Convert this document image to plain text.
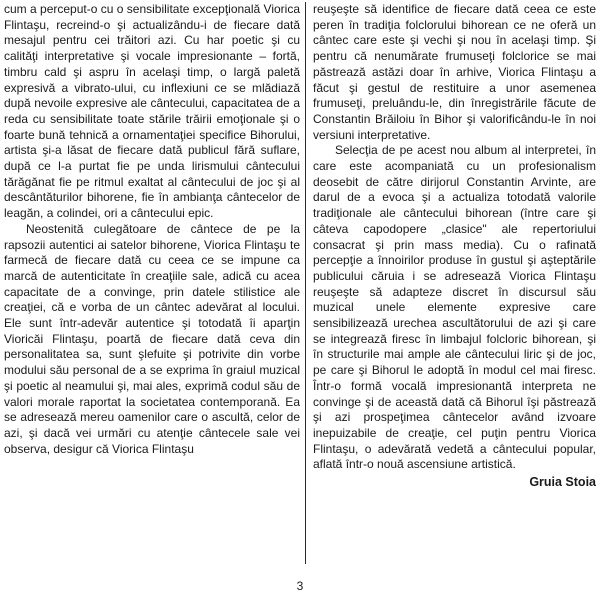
cum a perceput-o cu o sensibilitate excepţională Viorica Flintaşu, recreind-o şi actualizându-i de fiecare dată mesajul pentru cei trăitori azi. Cu har poetic şi cu calităţi interpretative şi vocale impresionante – fortă, timbru cald şi aspru în acelaşi timp, o largă paletă expresivă a vibrato-ului, cu inflexiuni ce se mlădiază după nevoile expresive ale cântecului, capacitatea de a reda cu sensibilitate toate stările trăirii emoţionale şi o foarte bună tehnică a ornamentaţiei specifice Bihorului, artista şi-a lăsat de fiecare dată publicul fără suflare, după ce l-a purtat fie pe unda lirismului cântecului tărăgănat fie pe ritmul exaltat al cântecului de joc şi al descântăturilor bihorene, fie în ambianţa cântecelor de leagăn, a colindei, ori a cântecului epic.

Neostenită culegătoare de cântece de pe la rapsozii autentici ai satelor bihorene, Viorica Flintaşu te farmecă de fiecare dată cu ceea ce se impune ca marcă de autenticitate în creaţiile sale, adică cu acea capacitate de a convinge, prin datele stilistice ale creaţiei, că e vorba de un cântec adevărat al locului. Ele sunt într-adevăr autentice şi totodată îi aparţin Vioricăi Flintaşu, poartă de fiecare dată ceva din personalitatea sa, sunt şlefuite şi potrivite din vorbe modului său personal de a se exprima în graiul muzical şi poetic al neamului şi, mai ales, exprimă codul său de valori morale raportat la societatea contemporană. Ea se adresează mereu oamenilor care o ascultă, celor de azi, şi dacă vei urmări cu atenţie cântecele sale vei observa, desigur că Viorica Flintaşu

reuşeşte să identifice de fiecare dată ceea ce este peren în tradiţia folclorului bihorean ce ne oferă un cântec care este şi vechi şi nou în acelaşi timp. Şi pentru că nenumărate frumuseţi folclorice se mai păstrează astăzi doar în arhive, Viorica Flintaşu a făcut şi gestul de restituire a unor asemenea frumuseţi, preluându-le, din înregistrările făcute de Constantin Brăiloiu în Bihor şi valorificându-le în noi versiuni interpretative.

Selecţia de pe acest nou album al interpretei, în care este acompaniată cu un profesionalism deosebit de către dirijorul Constantin Arvinte, are darul de a evoca şi a actualiza totodată valorile tradiţionale ale cântecului bihorean (între care şi câteva capodopere „clasice" ale repertoriului consacrat şi prin mass media). Cu o rafinată percepţie a înnoirilor produse în gustul şi aşteptările publicului căruia i se adresează Viorica Flintaşu reuşeşte să adapteze discret în discursul său muzical unele elemente expresive care sensibilizează urechea ascultătorului de azi şi care se integrează firesc în limbajul folcloric bihorean, şi în structurile mai ample ale cântecului liric şi de joc, pe care şi Bihorul le adoptă în modul cel mai firesc. Într-o formă vocală impresionantă interpreta ne convinge şi de această dată că Bihorul îşi păstrează şi azi prospeţimea cântecelor având izvoare inepuizabile de creaţie, cel puţin pentru Viorica Flintaşu, o adevărată vedetă a cântecului popular, aflată într-o nouă ascensiune artistică.

Gruia Stoia

3
